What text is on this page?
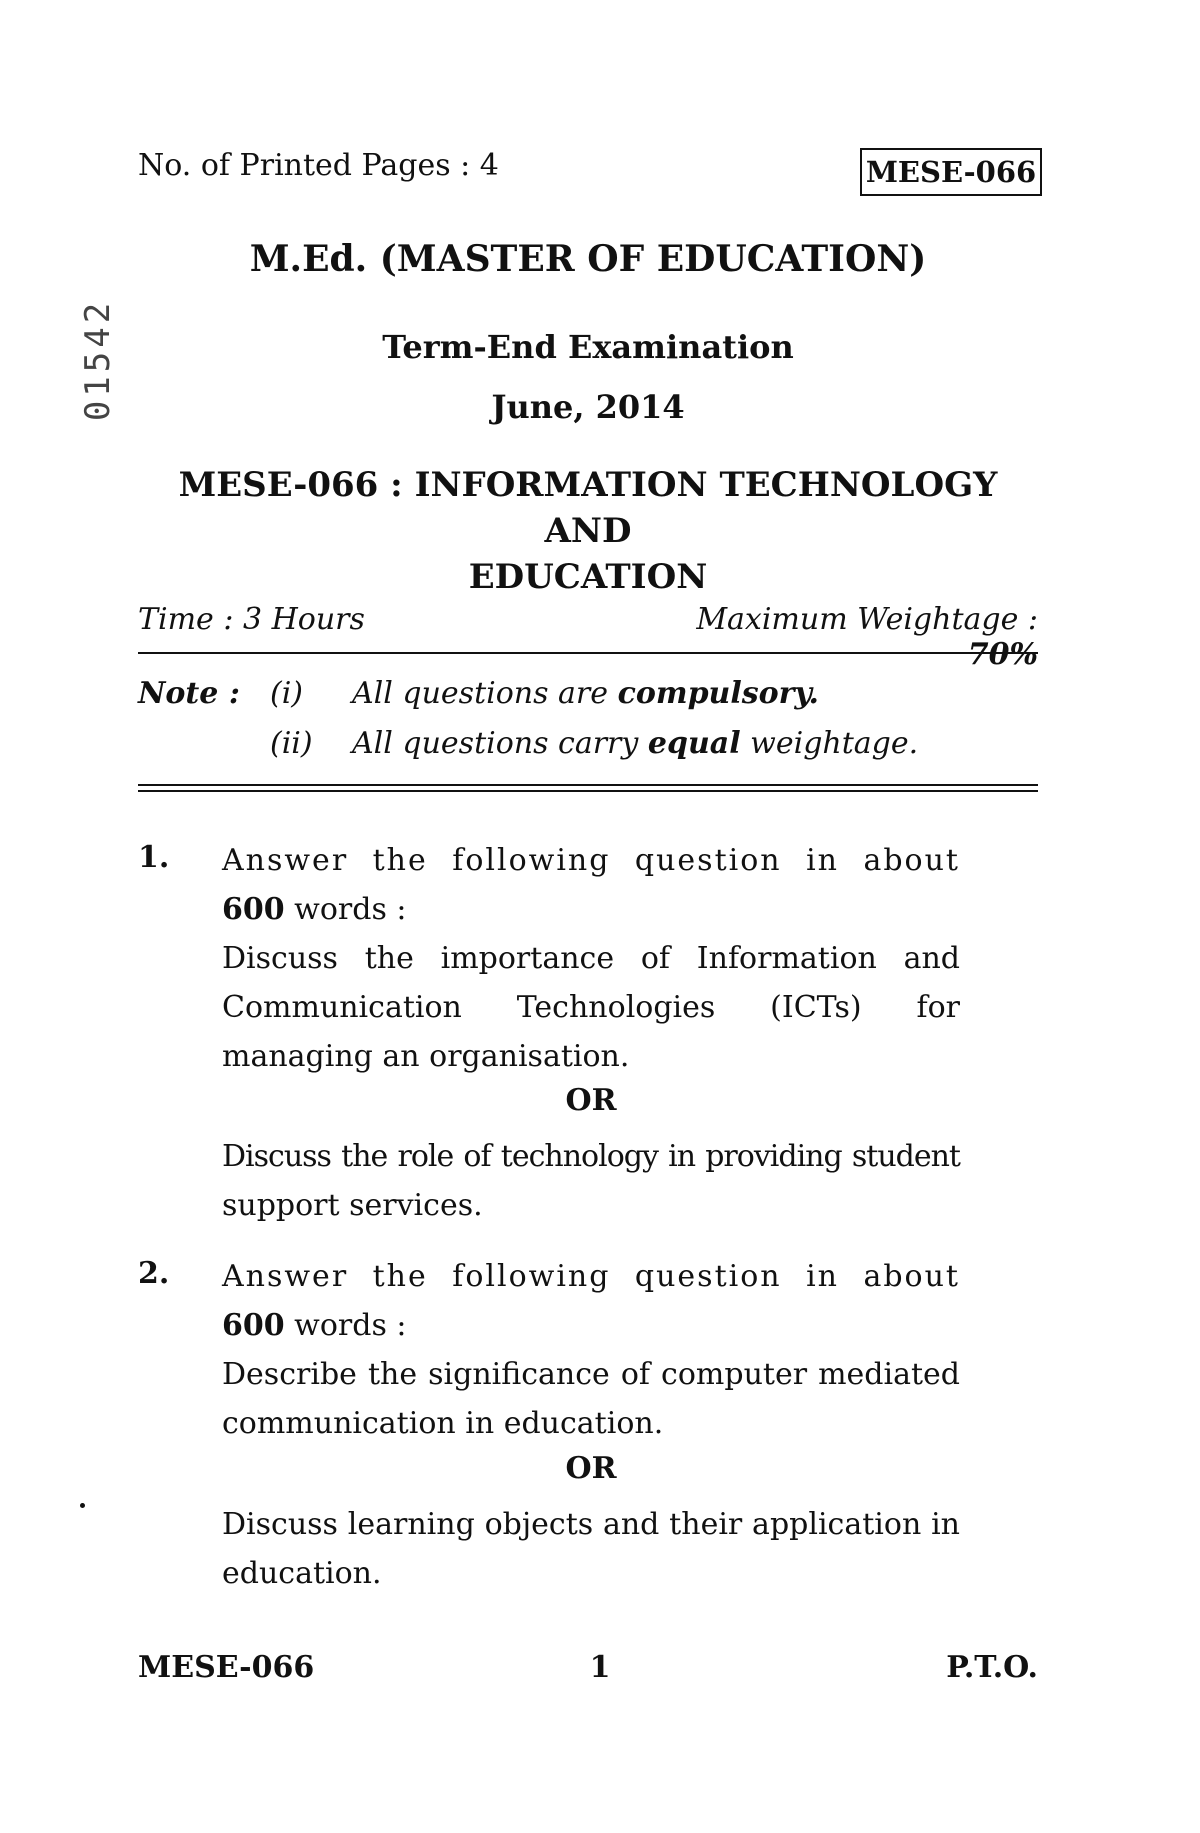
No. of Printed Pages : 4	MESE-066
01542
M.Ed. (MASTER OF EDUCATION)
Term-End Examination
June, 2014
MESE-066 : INFORMATION TECHNOLOGY AND
EDUCATION
Time : 3 Hours	Maximum Weightage : 70%
Note : (i) All questions are compulsory.
(ii) All questions carry equal weightage.
1. Answer the following question in about
600 words :
Discuss the importance of Information and
Communication Technologies (ICTs) for
managing an organisation.
OR
Discuss the role of technology in providing student
support services.
2. Answer the following question in about
600 words :
Describe the significance of computer mediated
communication in education.
OR
Discuss learning objects and their application in
education.
MESE-066	1	P.T.O.
